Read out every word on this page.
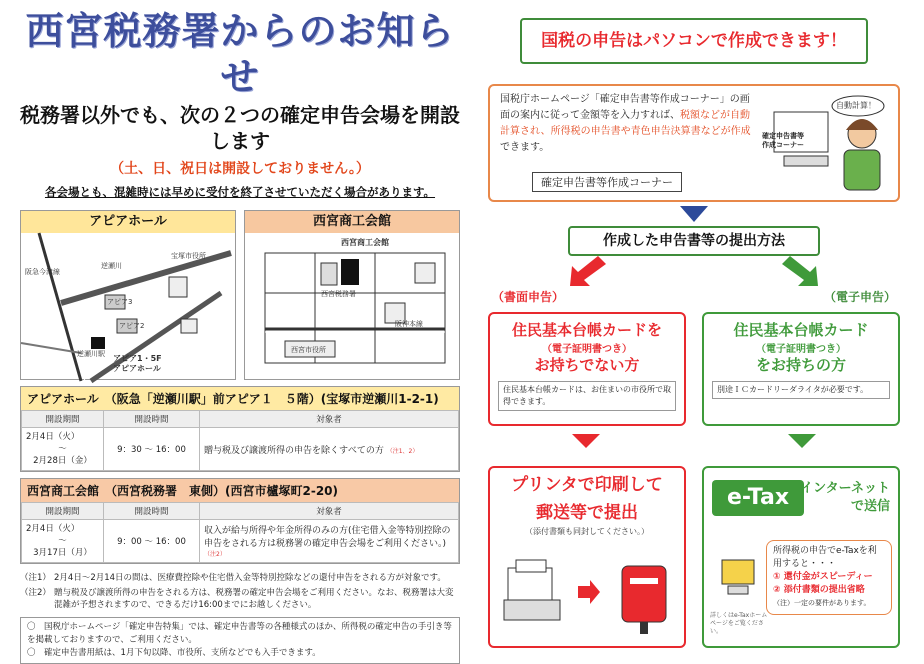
西宮税務署からのお知らせ
税務署以外でも、次の２つの確定申告会場を開設します
（土、日、祝日は開設しておりません。）
各会場とも、混雑時には早めに受付を終了させていただく場合があります。
アピアホール
逆瀬川
アピア3
アピア2
アピア1・5F
アピアホール
宝塚市役所
逆瀬川駅
阪急今津線
西宮商工会館
西宮商工会館
西宮税務署
阪神本線
西宮市役所
アピアホール　（阪急「逆瀬川駅」前アピア１　５階）(宝塚市逆瀬川1-2-1)
開設期間	開設時間	対象者

2月4日（火）
～
2月28日（金）	9：30 ～ 16：00	贈与税及び譲渡所得の申告を除くすべての方 （注1、2）
西宮商工会館　（西宮税務署　東側）(西宮市櫨塚町2-20)
開設期間	開設時間	対象者

2月4日（火）
～
3月17日（月）	9：00 ～ 16：00	収入が給与所得や年金所得のみの方(住宅借入金等特別控除の申告をされる方は税務署の確定申告会場をご利用ください。) （注2）
（注1） 2月4日～2月14日の間は、医療費控除や住宅借入金等特別控除などの還付申告をされる方が対象です。
（注2） 贈与税及び譲渡所得の申告をされる方は、税務署の確定申告会場をご利用ください。なお、税務署は大変混雑が予想されますので、できるだけ16:00までにお越しください。
〇　国税庁ホームページ「確定申告特集」では、確定申告書等の各種様式のほか、所得税の確定申告の手引き等を掲載しておりますので、ご利用ください。
〇　確定申告書用紙は、1月下旬以降、市役所、支所などでも入手できます。
国税の申告はパソコンで作成できます！
国税庁ホームページ「確定申告書等作成コーナー」の画面の案内に従って金額等を入力すれば、税額などが自動計算され、所得税の申告書や青色申告決算書などが作成できます。
確定申告書等作成コーナー
確定申告書等作成コーナー
自動計算！
作成した申告書等の提出方法
（書面申告）	（電子申告）
住民基本台帳カードを
（電子証明書つき）
お持ちでない方
住民基本台帳カードは、お住まいの市役所で取得できます。
住民基本台帳カード
（電子証明書つき）
をお持ちの方
別途ＩＣカードリーダライタが必要です。
プリンタで印刷して
郵送等で提出
（添付書類も同封してください。）
e-Tax インターネット
で送信
所得税の申告でe-Taxを利用すると・・・
① 還付金がスピーディー
② 添付書類の提出省略
（注）一定の要件があります。
詳しくはe-Taxホームページをご覧ください。
